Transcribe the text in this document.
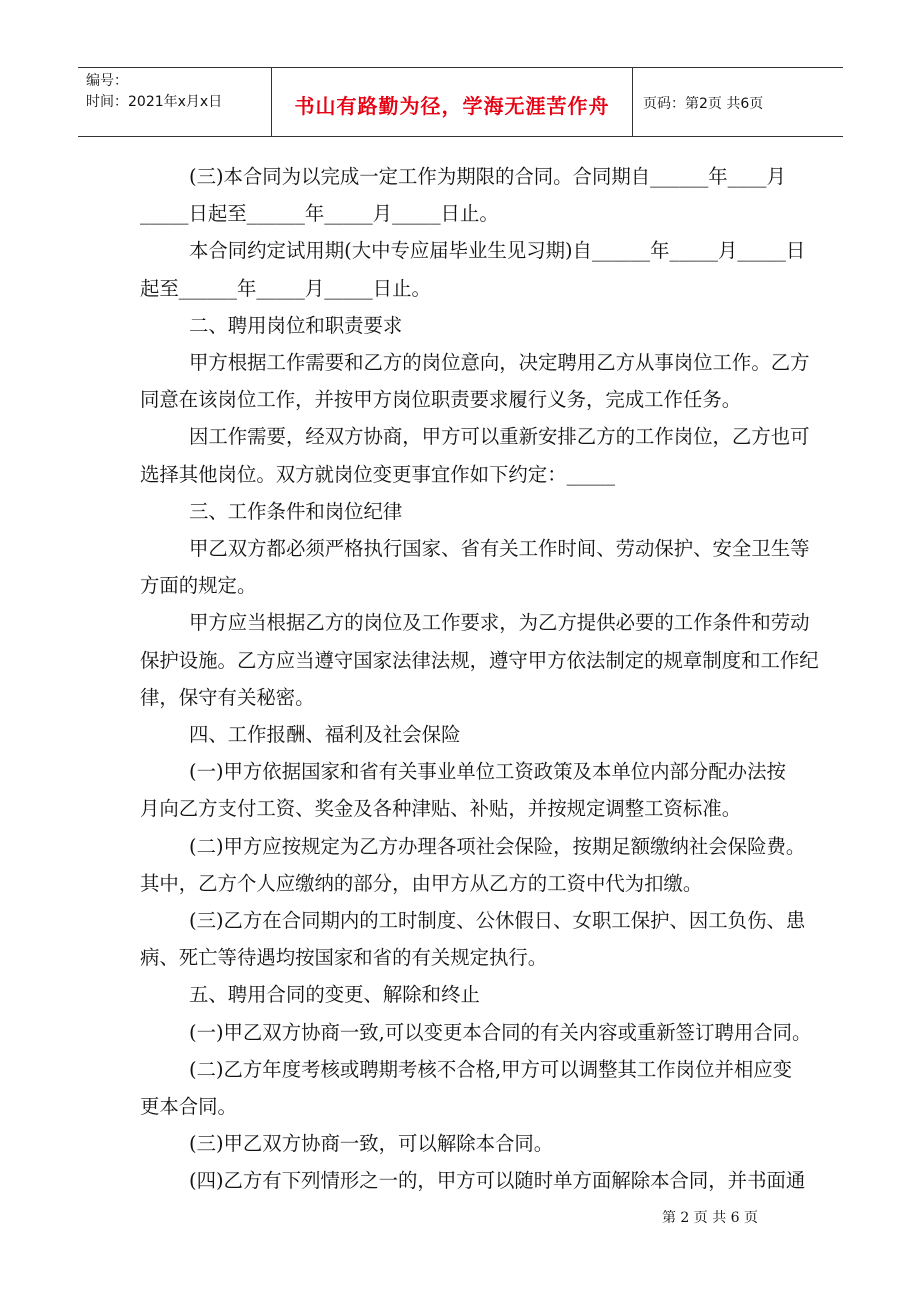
编号：
时间：2021年x月x日	书山有路勤为径，学海无涯苦作舟	页码：第2页 共6页

(三)本合同为以完成一定工作为期限的合同。合同期自______年____月

_____日起至______年_____月_____日止。

本合同约定试用期(大中专应届毕业生见习期)自______年_____月_____日

起至______年_____月_____日止。

二、聘用岗位和职责要求

甲方根据工作需要和乙方的岗位意向，决定聘用乙方从事岗位工作。乙方

同意在该岗位工作，并按甲方岗位职责要求履行义务，完成工作任务。

因工作需要，经双方协商，甲方可以重新安排乙方的工作岗位，乙方也可

选择其他岗位。双方就岗位变更事宜作如下约定：_____

三、工作条件和岗位纪律

甲乙双方都必须严格执行国家、省有关工作时间、劳动保护、安全卫生等

方面的规定。

甲方应当根据乙方的岗位及工作要求，为乙方提供必要的工作条件和劳动

保护设施。乙方应当遵守国家法律法规，遵守甲方依法制定的规章制度和工作纪

律，保守有关秘密。

四、工作报酬、福利及社会保险

(一)甲方依据国家和省有关事业单位工资政策及本单位内部分配办法按

月向乙方支付工资、奖金及各种津贴、补贴，并按规定调整工资标准。

(二)甲方应按规定为乙方办理各项社会保险，按期足额缴纳社会保险费。

其中，乙方个人应缴纳的部分，由甲方从乙方的工资中代为扣缴。

(三)乙方在合同期内的工时制度、公休假日、女职工保护、因工负伤、患

病、死亡等待遇均按国家和省的有关规定执行。

五、聘用合同的变更、解除和终止

(一)甲乙双方协商一致,可以变更本合同的有关内容或重新签订聘用合同。

(二)乙方年度考核或聘期考核不合格,甲方可以调整其工作岗位并相应变

更本合同。

(三)甲乙双方协商一致，可以解除本合同。

(四)乙方有下列情形之一的，甲方可以随时单方面解除本合同，并书面通

第 2 页 共 6 页
